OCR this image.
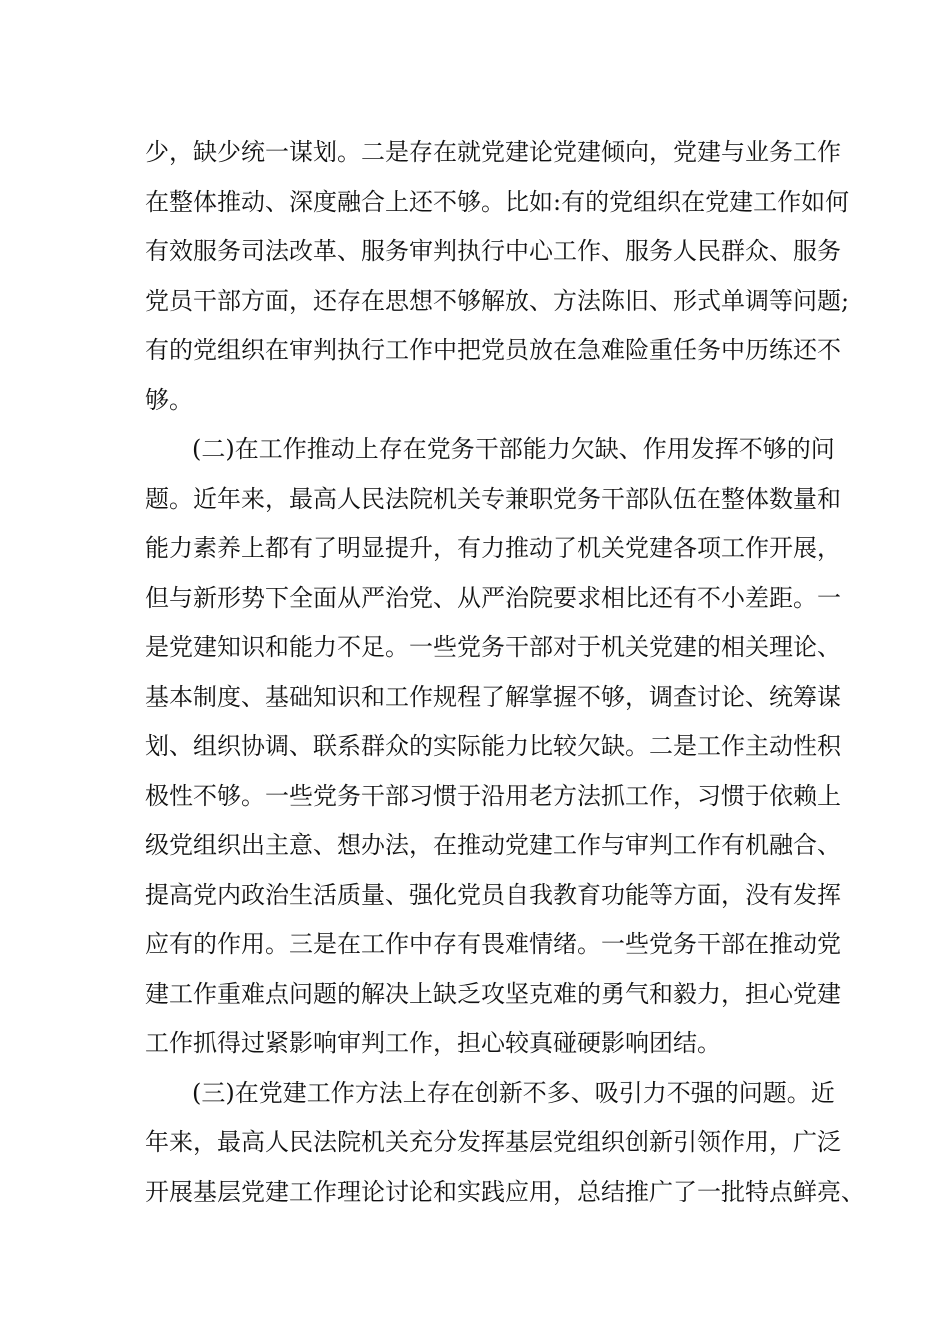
少，缺少统一谋划。二是存在就党建论党建倾向，党建与业务工作
在整体推动、深度融合上还不够。比如:有的党组织在党建工作如何
有效服务司法改革、服务审判执行中心工作、服务人民群众、服务
党员干部方面，还存在思想不够解放、方法陈旧、形式单调等问题;
有的党组织在审判执行工作中把党员放在急难险重任务中历练还不
够。
(二)在工作推动上存在党务干部能力欠缺、作用发挥不够的问
题。近年来，最高人民法院机关专兼职党务干部队伍在整体数量和
能力素养上都有了明显提升，有力推动了机关党建各项工作开展，
但与新形势下全面从严治党、从严治院要求相比还有不小差距。一
是党建知识和能力不足。一些党务干部对于机关党建的相关理论、
基本制度、基础知识和工作规程了解掌握不够，调查讨论、统筹谋
划、组织协调、联系群众的实际能力比较欠缺。二是工作主动性积
极性不够。一些党务干部习惯于沿用老方法抓工作，习惯于依赖上
级党组织出主意、想办法，在推动党建工作与审判工作有机融合、
提高党内政治生活质量、强化党员自我教育功能等方面，没有发挥
应有的作用。三是在工作中存有畏难情绪。一些党务干部在推动党
建工作重难点问题的解决上缺乏攻坚克难的勇气和毅力，担心党建
工作抓得过紧影响审判工作，担心较真碰硬影响团结。
(三)在党建工作方法上存在创新不多、吸引力不强的问题。近
年来，最高人民法院机关充分发挥基层党组织创新引领作用，广泛
开展基层党建工作理论讨论和实践应用，总结推广了一批特点鲜亮、
